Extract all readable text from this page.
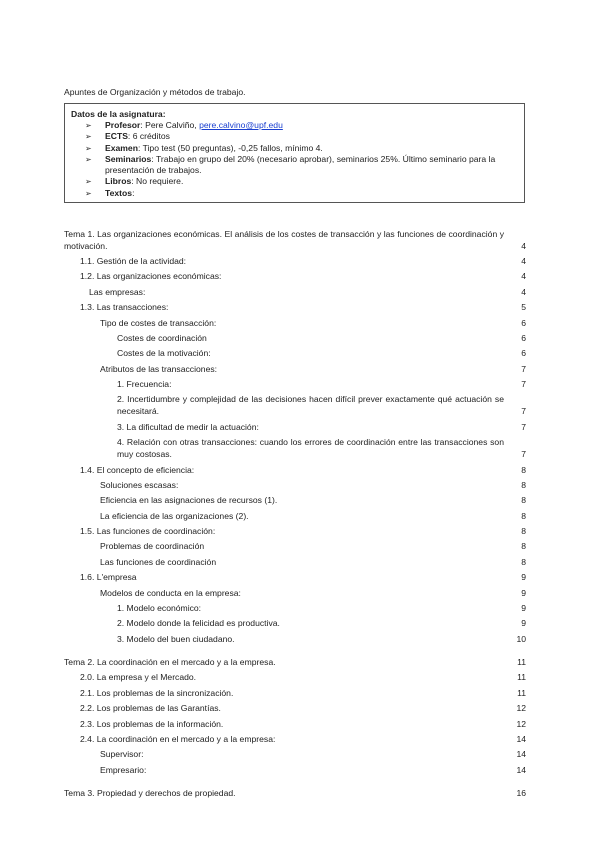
Apuntes de Organización y métodos de trabajo.
Datos de la asignatura:
➢	Profesor: Pere Calviño, pere.calvino@upf.edu
➢	ECTS: 6 créditos
➢	Examen: Tipo test (50 preguntas), -0,25 fallos, mínimo 4.
➢	Seminarios: Trabajo en grupo del 20% (necesario aprobar), seminarios 25%. Último seminario para la presentación de trabajos.
➢	Libros: No requiere.
➢	Textos:
Tema 1. Las organizaciones económicas. El análisis de los costes de transacción y las funciones de coordinación y motivación.	4
1.1. Gestión de la actividad:	4
1.2. Las organizaciones económicas:	4
Las empresas:	4
1.3. Las transacciones:	5
Tipo de costes de transacción:	6
Costes de coordinación	6
Costes de la motivación:	6
Atributos de las transacciones:	7
1. Frecuencia:	7
2. Incertidumbre y complejidad de las decisiones hacen difícil prever exactamente qué actuación se necesitará.	7
3. La dificultad de medir la actuación:	7
4. Relación con otras transacciones: cuando los errores de coordinación entre las transacciones son muy costosas.	7
1.4. El concepto de eficiencia:	8
Soluciones escasas:	8
Eficiencia en las asignaciones de recursos (1).	8
La eficiencia de las organizaciones (2).	8
1.5. Las funciones de coordinación:	8
Problemas de coordinación	8
Las funciones de coordinación	8
1.6. L'empresa	9
Modelos de conducta en la empresa:	9
1. Modelo económico:	9
2. Modelo donde la felicidad es productiva.	9
3. Modelo del buen ciudadano.	10
Tema 2. La coordinación en el mercado y a la empresa.	11
2.0. La empresa y el Mercado.	11
2.1. Los problemas de la sincronización.	11
2.2. Los problemas de las Garantías.	12
2.3. Los problemas de la información.	12
2.4. La coordinación en el mercado y a la empresa:	14
Supervisor:	14
Empresario:	14
Tema 3. Propiedad y derechos de propiedad.	16
